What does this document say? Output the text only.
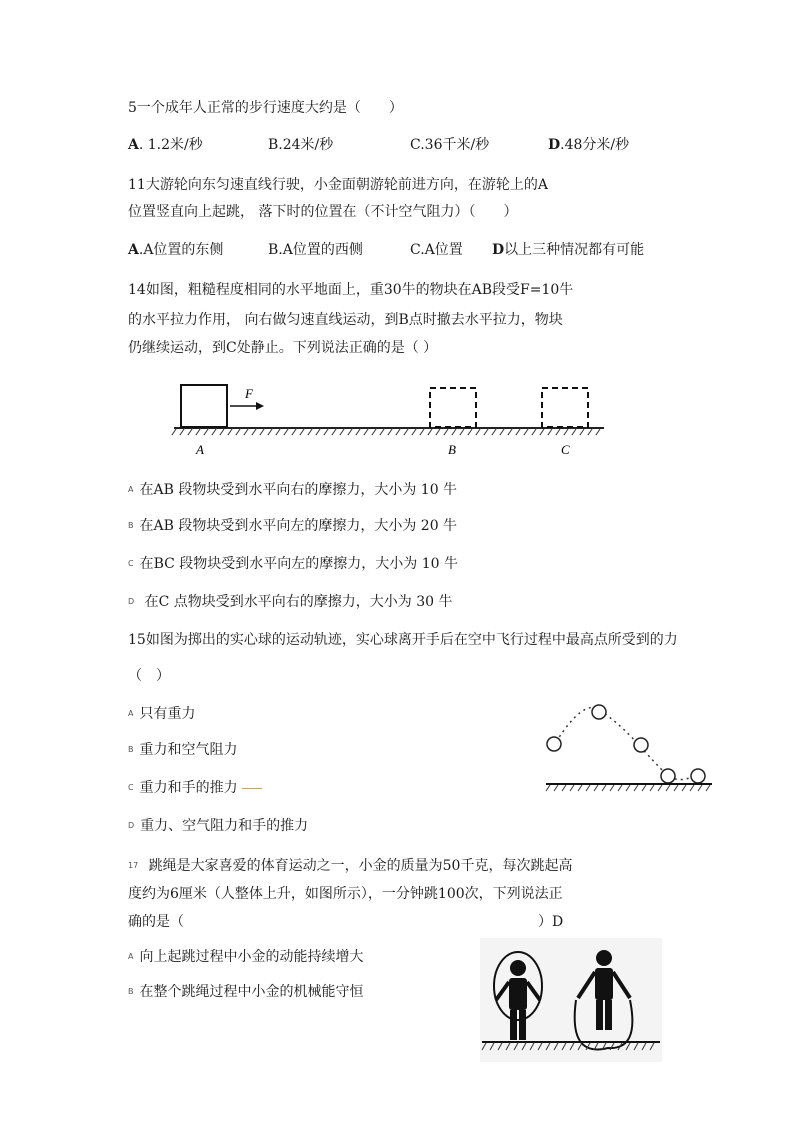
5一个成年人正常的步行速度大约是（　　）
A. 1.2米/秒	B.24米/秒	C.36千米/秒	D.48分米/秒
11大游轮向东匀速直线行驶，小金面朝游轮前进方向，在游轮上的A
位置竖直向上起跳， 落下时的位置在（不计空气阻力）（　　）
A.A位置的东侧	B.A位置的西侧	C.A位置 D以上三种情况都有可能
14如图，粗糙程度相同的水平地面上，重30牛的物块在AB段受F=10牛
的水平拉力作用， 向右做匀速直线运动，到B点时撤去水平拉力，物块
仍继续运动，到C处静止。下列说法正确的是（ ）
F
A	B	C
A 在AB 段物块受到水平向右的摩擦力，大小为 10 牛
B 在AB 段物块受到水平向左的摩擦力，大小为 20 牛
C 在BC 段物块受到水平向左的摩擦力，大小为 10 牛
D 在C 点物块受到水平向右的摩擦力，大小为 30 牛
15如图为掷出的实心球的运动轨迹，实心球离开手后在空中飞行过程中最高点所受到的力
（　）
A 只有重力
B 重力和空气阻力
C 重力和手的推力
D 重力、空气阻力和手的推力
17 跳绳是大家喜爱的体育运动之一，小金的质量为50千克，每次跳起高
度约为6厘米（人整体上升，如图所示），一分钟跳100次，下列说法正
确的是（	）D
A 向上起跳过程中小金的动能持续增大
B 在整个跳绳过程中小金的机械能守恒
